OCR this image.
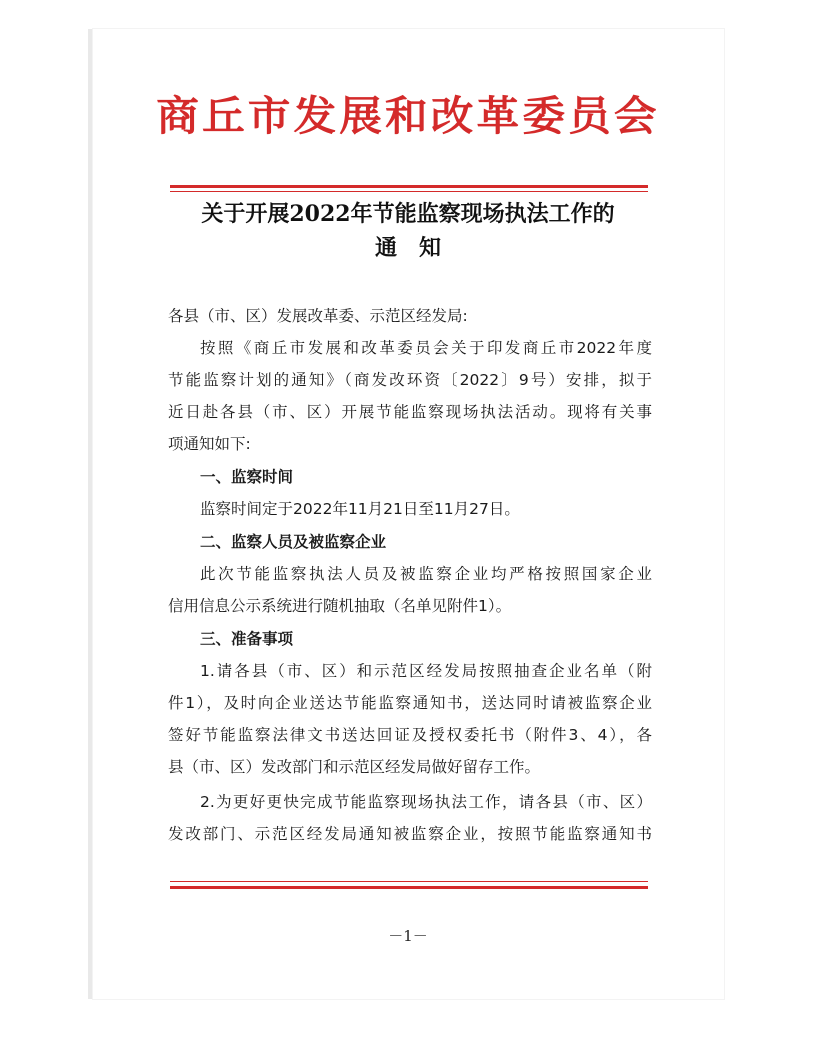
商丘市发展和改革委员会
关于开展2022年节能监察现场执法工作的
通　知
各县（市、区）发展改革委、示范区经发局:
按照《商丘市发展和改革委员会关于印发商丘市2022年度
节能监察计划的通知》（商发改环资〔2022〕9号）安排，拟于
近日赴各县（市、区）开展节能监察现场执法活动。现将有关事
项通知如下:
一、监察时间
监察时间定于2022年11月21日至11月27日。
二、监察人员及被监察企业
此次节能监察执法人员及被监察企业均严格按照国家企业
信用信息公示系统进行随机抽取（名单见附件1）。
三、准备事项
1.请各县（市、区）和示范区经发局按照抽查企业名单（附
件1），及时向企业送达节能监察通知书，送达同时请被监察企业
签好节能监察法律文书送达回证及授权委托书（附件3、4），各
县（市、区）发改部门和示范区经发局做好留存工作。
2.为更好更快完成节能监察现场执法工作，请各县（市、区）
发改部门、示范区经发局通知被监察企业，按照节能监察通知书
－1－
